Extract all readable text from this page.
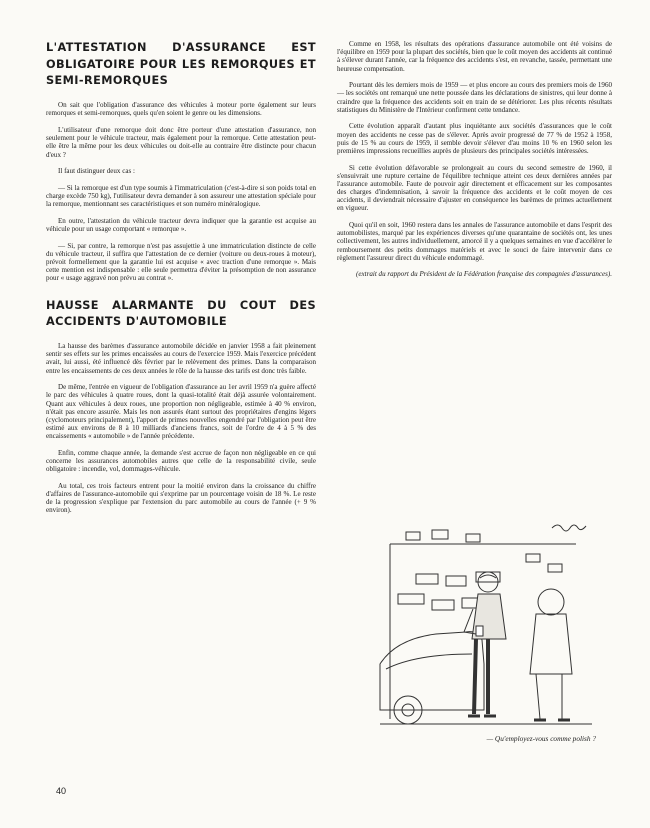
L'ATTESTATION D'ASSURANCE EST OBLIGATOIRE POUR LES REMORQUES ET SEMI-REMORQUES

On sait que l'obligation d'assurance des véhicules à moteur porte également sur leurs remorques et semi-remorques, quels qu'en soient le genre ou les dimensions.

L'utilisateur d'une remorque doit donc être porteur d'une attestation d'assurance, non seulement pour le véhicule tracteur, mais également pour la remorque. Cette attestation peut-elle être la même pour les deux véhicules ou doit-elle au contraire être distincte pour chacun d'eux ?

Il faut distinguer deux cas :

— Si la remorque est d'un type soumis à l'immatriculation (c'est-à-dire si son poids total en charge excède 750 kg), l'utilisateur devra demander à son assureur une attestation spéciale pour la remorque, mentionnant ses caractéristiques et son numéro minéralogique.

En outre, l'attestation du véhicule tracteur devra indiquer que la garantie est acquise au véhicule pour un usage comportant « remorque ».

— Si, par contre, la remorque n'est pas assujettie à une immatriculation distincte de celle du véhicule tracteur, il suffira que l'attestation de ce dernier (voiture ou deux-roues à moteur), prévoit formellement que la garantie lui est acquise « avec traction d'une remorque ». Mais cette mention est indispensable : elle seule permettra d'éviter la présomption de non assurance pour « usage aggravé non prévu au contrat ».

HAUSSE ALARMANTE DU COUT DES ACCIDENTS D'AUTOMOBILE

La hausse des barèmes d'assurance automobile décidée en janvier 1958 a fait pleinement sentir ses effets sur les primes encaissées au cours de l'exercice 1959. Mais l'exercice précédent avait, lui aussi, été influencé dès février par le relèvement des primes. Dans la comparaison entre les encaissements de ces deux années le rôle de la hausse des tarifs est donc très faible.

De même, l'entrée en vigueur de l'obligation d'assurance au 1er avril 1959 n'a guère affecté le parc des véhicules à quatre roues, dont la quasi-totalité était déjà assurée volontairement. Quant aux véhicules à deux roues, une proportion non négligeable, estimée à 40 % environ, n'était pas encore assurée. Mais les non assurés étant surtout des propriétaires d'engins légers (cyclomoteurs principalement), l'apport de primes nouvelles engendré par l'obligation peut être estimé aux environs de 8 à 10 milliards d'anciens francs, soit de l'ordre de 4 à 5 % des encaissements « automobile » de l'année précédente.

Enfin, comme chaque année, la demande s'est accrue de façon non négligeable en ce qui concerne les assurances automobiles autres que celle de la responsabilité civile, seule obligatoire : incendie, vol, dommages-véhicule.

Au total, ces trois facteurs entrent pour la moitié environ dans la croissance du chiffre d'affaires de l'assurance-automobile qui s'exprime par un pourcentage voisin de 18 %. Le reste de la progression s'explique par l'extension du parc automobile au cours de l'année (+ 9 % environ).

Comme en 1958, les résultats des opérations d'assurance automobile ont été voisins de l'équilibre en 1959 pour la plupart des sociétés, bien que le coût moyen des accidents ait continué à s'élever durant l'année, car la fréquence des accidents s'est, en revanche, tassée, permettant une heureuse compensation.

Pourtant dès les derniers mois de 1959 — et plus encore au cours des premiers mois de 1960 — les sociétés ont remarqué une nette poussée dans les déclarations de sinistres, qui leur donne à craindre que la fréquence des accidents soit en train de se détériorer. Les plus récents résultats statistiques du Ministère de l'Intérieur confirment cette tendance.

Cette évolution apparaît d'autant plus inquiétante aux sociétés d'assurances que le coût moyen des accidents ne cesse pas de s'élever. Après avoir progressé de 77 % de 1952 à 1958, puis de 15 % au cours de 1959, il semble devoir s'élever d'au moins 10 % en 1960 selon les premières impressions recueillies auprès de plusieurs des principales sociétés intéressées.

Si cette évolution défavorable se prolongeait au cours du second semestre de 1960, il s'ensuivrait une rupture certaine de l'équilibre technique atteint ces deux dernières années par l'assurance automobile. Faute de pouvoir agir directement et efficacement sur les composantes des charges d'indemnisation, à savoir la fréquence des accidents et le coût moyen de ces accidents, il deviendrait nécessaire d'ajuster en conséquence les barèmes de primes actuellement en vigueur.

Quoi qu'il en soit, 1960 restera dans les annales de l'assurance automobile et dans l'esprit des automobilistes, marqué par les expériences diverses qu'une quarantaine de sociétés ont, les unes collectivement, les autres individuellement, amorcé il y a quelques semaines en vue d'accélérer le remboursement des petits dommages matériels et avec le souci de faire intervenir dans ce règlement l'assureur direct du véhicule endommagé.

(extrait du rapport du Président de la Fédération française des compagnies d'assurances).

— Qu'employez-vous comme polish ?
40
